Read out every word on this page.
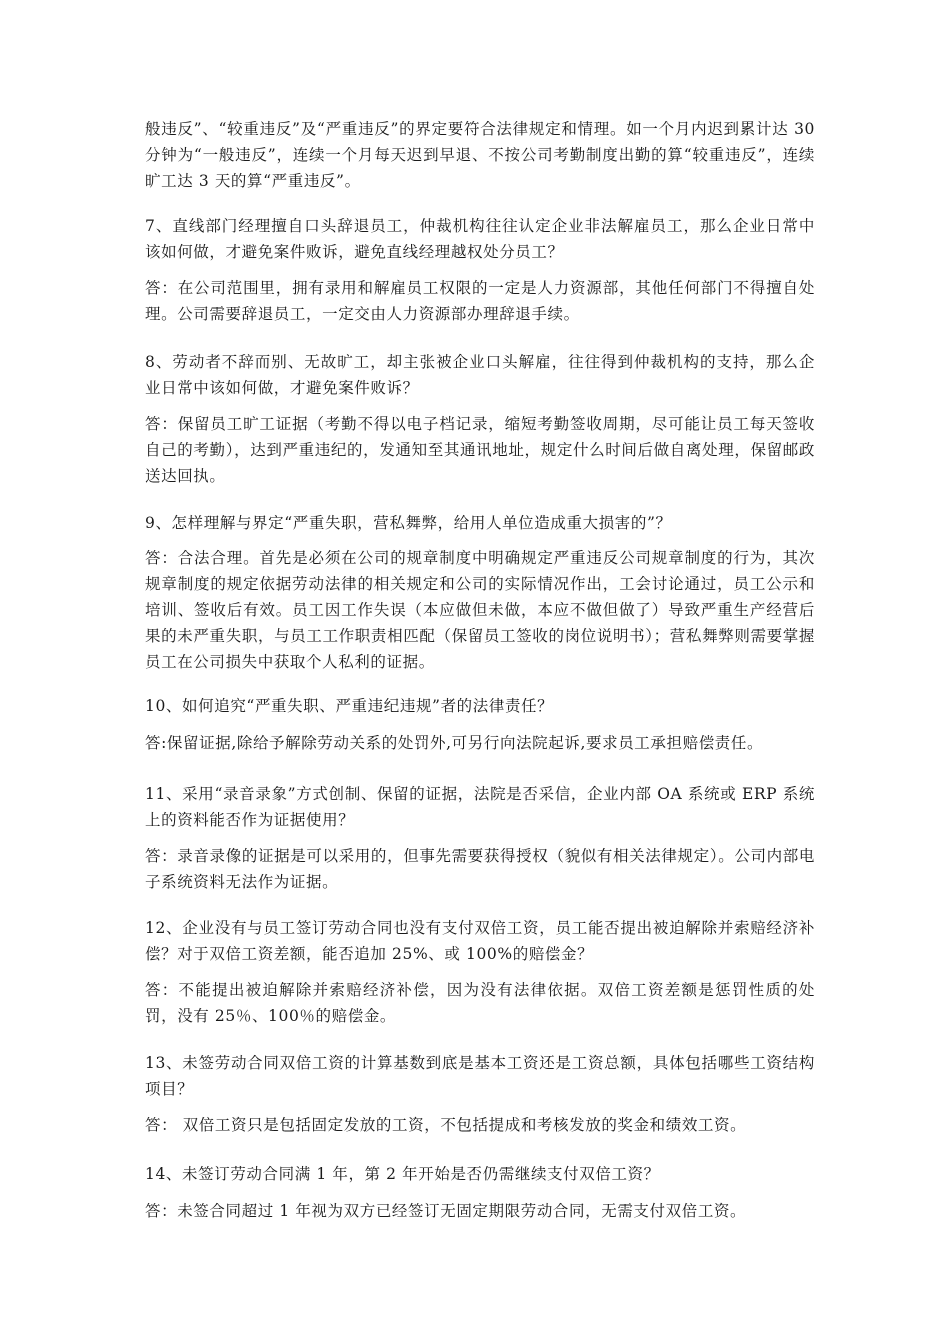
般违反”、“较重违反”及“严重违反”的界定要符合法律规定和情理。如一个月内迟到累计达 30 分钟为“一般违反”，连续一个月每天迟到早退、不按公司考勤制度出勤的算“较重违反”，连续旷工达 3 天的算“严重违反”。

7、直线部门经理擅自口头辞退员工，仲裁机构往往认定企业非法解雇员工，那么企业日常中该如何做，才避免案件败诉，避免直线经理越权处分员工？

答：在公司范围里，拥有录用和解雇员工权限的一定是人力资源部，其他任何部门不得擅自处理。公司需要辞退员工，一定交由人力资源部办理辞退手续。

8、劳动者不辞而别、无故旷工，却主张被企业口头解雇，往往得到仲裁机构的支持，那么企业日常中该如何做，才避免案件败诉？

答：保留员工旷工证据（考勤不得以电子档记录，缩短考勤签收周期，尽可能让员工每天签收自己的考勤），达到严重违纪的，发通知至其通讯地址，规定什么时间后做自离处理，保留邮政送达回执。

9、怎样理解与界定“严重失职，营私舞弊，给用人单位造成重大损害的”？

答：合法合理。首先是必须在公司的规章制度中明确规定严重违反公司规章制度的行为，其次规章制度的规定依据劳动法律的相关规定和公司的实际情况作出，工会讨论通过，员工公示和培训、签收后有效。员工因工作失误（本应做但未做，本应不做但做了）导致严重生产经营后果的未严重失职，与员工工作职责相匹配（保留员工签收的岗位说明书）；营私舞弊则需要掌握员工在公司损失中获取个人私利的证据。

10、如何追究“严重失职、严重违纪违规”者的法律责任？

答:保留证据,除给予解除劳动关系的处罚外,可另行向法院起诉,要求员工承担赔偿责任。

11、采用“录音录象”方式创制、保留的证据，法院是否采信，企业内部 OA 系统或 ERP 系统上的资料能否作为证据使用？

答：录音录像的证据是可以采用的，但事先需要获得授权（貌似有相关法律规定）。公司内部电子系统资料无法作为证据。

12、企业没有与员工签订劳动合同也没有支付双倍工资，员工能否提出被迫解除并索赔经济补偿？对于双倍工资差额，能否追加 25%、或 100%的赔偿金？

答：不能提出被迫解除并索赔经济补偿，因为没有法律依据。双倍工资差额是惩罚性质的处罚，没有 25％、100％的赔偿金。

13、未签劳动合同双倍工资的计算基数到底是基本工资还是工资总额，具体包括哪些工资结构项目？

答： 双倍工资只是包括固定发放的工资，不包括提成和考核发放的奖金和绩效工资。

14、未签订劳动合同满 1 年，第 2 年开始是否仍需继续支付双倍工资？

答：未签合同超过 1 年视为双方已经签订无固定期限劳动合同，无需支付双倍工资。
